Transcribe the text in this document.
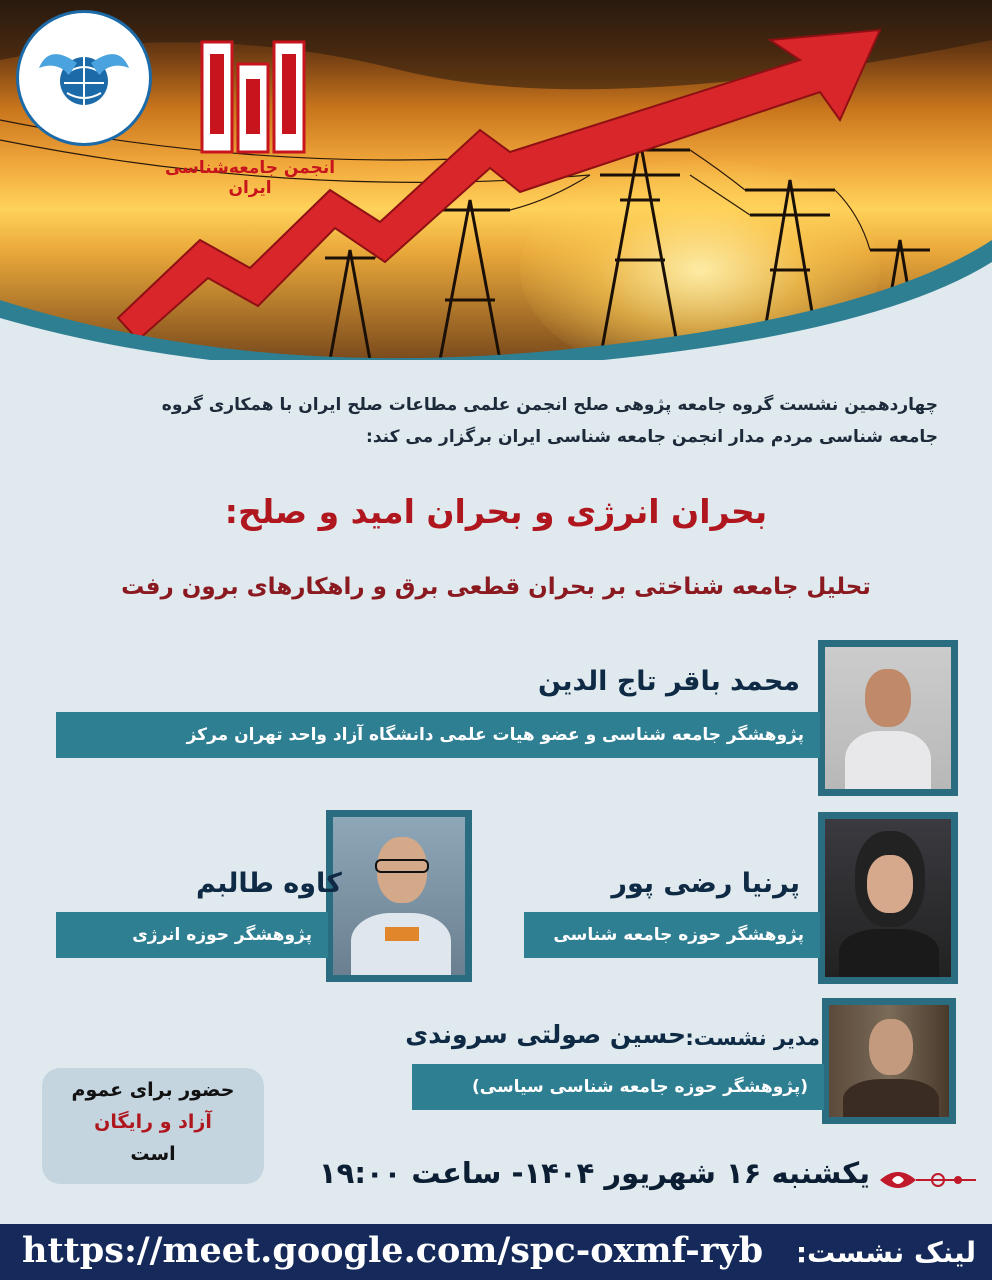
انجمن جامعه‌شناسی ایران
چهاردهمین نشست گروه جامعه پژوهی صلح انجمن علمی مطاعات صلح ایران با همکاری گروه
جامعه شناسی مردم مدار انجمن جامعه شناسی ایران برگزار می کند:
بحران انرژی و بحران امید و صلح:
تحلیل جامعه شناختی بر بحران قطعی برق و راهکارهای برون رفت
محمد باقر تاج الدین
پژوهشگر جامعه شناسی و عضو هیات علمی دانشگاه آزاد واحد تهران مرکز
کاوه طالبم
پژوهشگر حوزه انرژی
پرنیا رضی پور
پژوهشگر حوزه جامعه شناسی
مدیر نشست:
حسین صولتی سروندی
(پژوهشگر حوزه جامعه شناسی سیاسی)
حضور برای عموم
آزاد و رایگان
است
یکشنبه ۱۶ شهریور ۱۴۰۴- ساعت ۱۹:۰۰
https://meet.google.com/spc-oxmf-ryb لینک نشست:
